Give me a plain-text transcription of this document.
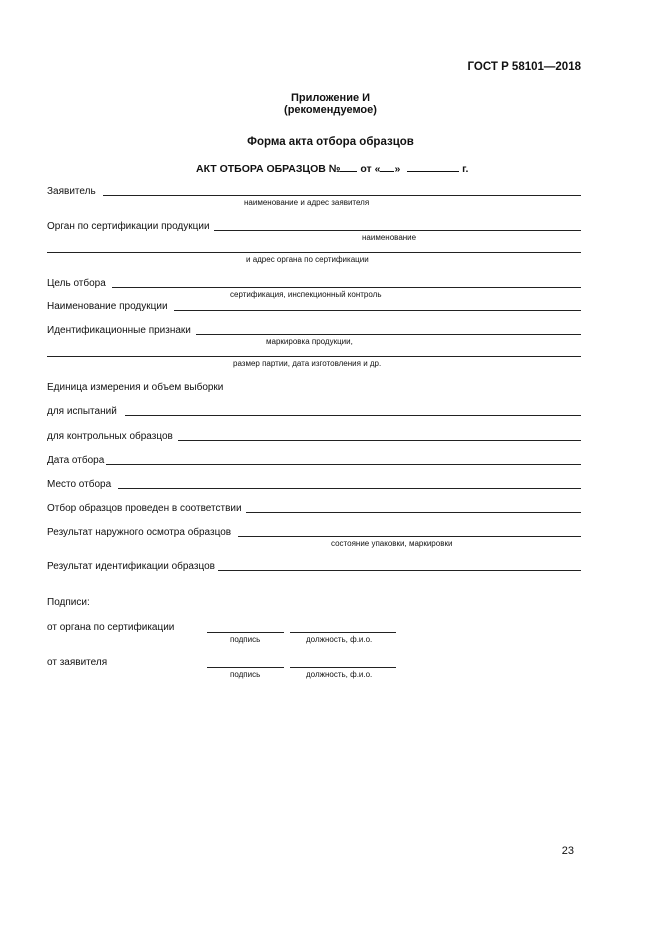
ГОСТ Р 58101—2018
Приложение И
(рекомендуемое)
Форма акта отбора образцов
АКТ ОТБОРА ОБРАЗЦОВ № от « »	г.
Заявитель
наименование и адрес заявителя
Орган по сертификации продукции
наименование
и адрес органа по сертификации
Цель отбора
сертификация, инспекционный контроль
Наименование продукции
Идентификационные признаки
маркировка продукции,
размер партии, дата изготовления и др.
Единица измерения и объем выборки
для испытаний
для контрольных образцов
Дата отбора
Место отбора
Отбор образцов проведен в соответствии
Результат наружного осмотра образцов
состояние упаковки, маркировки
Результат идентификации образцов
Подписи:
от органа по сертификации
подпись	должность, ф.и.о.
от заявителя
подпись	должность, ф.и.о.
23
